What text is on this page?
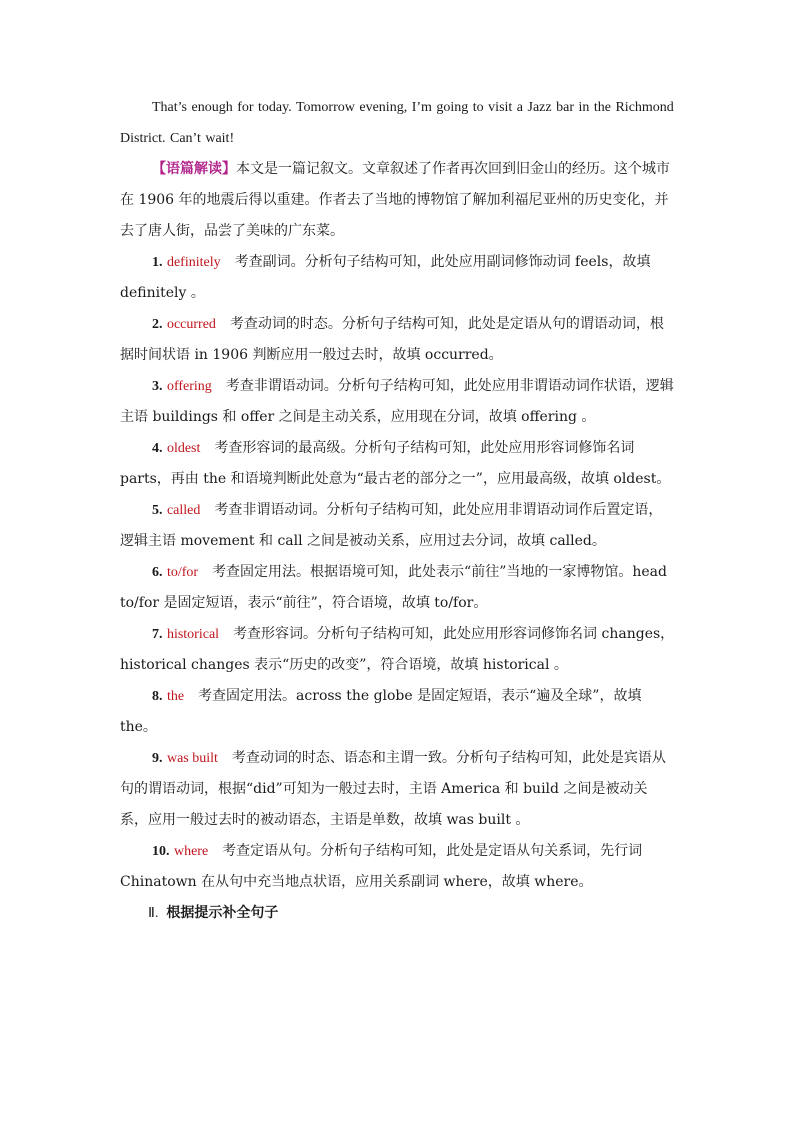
That’s enough for today. Tomorrow evening, I’m going to visit a Jazz bar in the Richmond District. Can’t wait!

【语篇解读】本文是一篇记叙文。文章叙述了作者再次回到旧金山的经历。这个城市在 1906 年的地震后得以重建。作者去了当地的博物馆了解加利福尼亚州的历史变化，并去了唐人街，品尝了美味的广东菜。

1. definitely 考查副词。分析句子结构可知，此处应用副词修饰动词 feels，故填 definitely 。

2. occurred 考查动词的时态。分析句子结构可知，此处是定语从句的谓语动词，根据时间状语 in 1906 判断应用一般过去时，故填 occurred。

3. offering 考查非谓语动词。分析句子结构可知，此处应用非谓语动词作状语，逻辑主语 buildings 和 offer 之间是主动关系，应用现在分词，故填 offering 。

4. oldest 考查形容词的最高级。分析句子结构可知，此处应用形容词修饰名词 parts，再由 the 和语境判断此处意为“最古老的部分之一”，应用最高级，故填 oldest。

5. called 考查非谓语动词。分析句子结构可知，此处应用非谓语动词作后置定语，逻辑主语 movement 和 call 之间是被动关系，应用过去分词，故填 called。

6. to/for 考查固定用法。根据语境可知，此处表示“前往”当地的一家博物馆。head to/for 是固定短语，表示“前往”，符合语境，故填 to/for。

7. historical 考查形容词。分析句子结构可知，此处应用形容词修饰名词 changes，historical changes 表示“历史的改变”，符合语境，故填 historical 。

8. the 考查固定用法。across the globe 是固定短语，表示“遍及全球”，故填 the。

9. was built 考查动词的时态、语态和主谓一致。分析句子结构可知，此处是宾语从句的谓语动词，根据“did”可知为一般过去时，主语 America 和 build 之间是被动关系，应用一般过去时的被动语态，主语是单数，故填 was built 。

10. where 考查定语从句。分析句子结构可知，此处是定语从句关系词，先行词 Chinatown 在从句中充当地点状语，应用关系副词 where，故填 where。

Ⅱ. 根据提示补全句子
